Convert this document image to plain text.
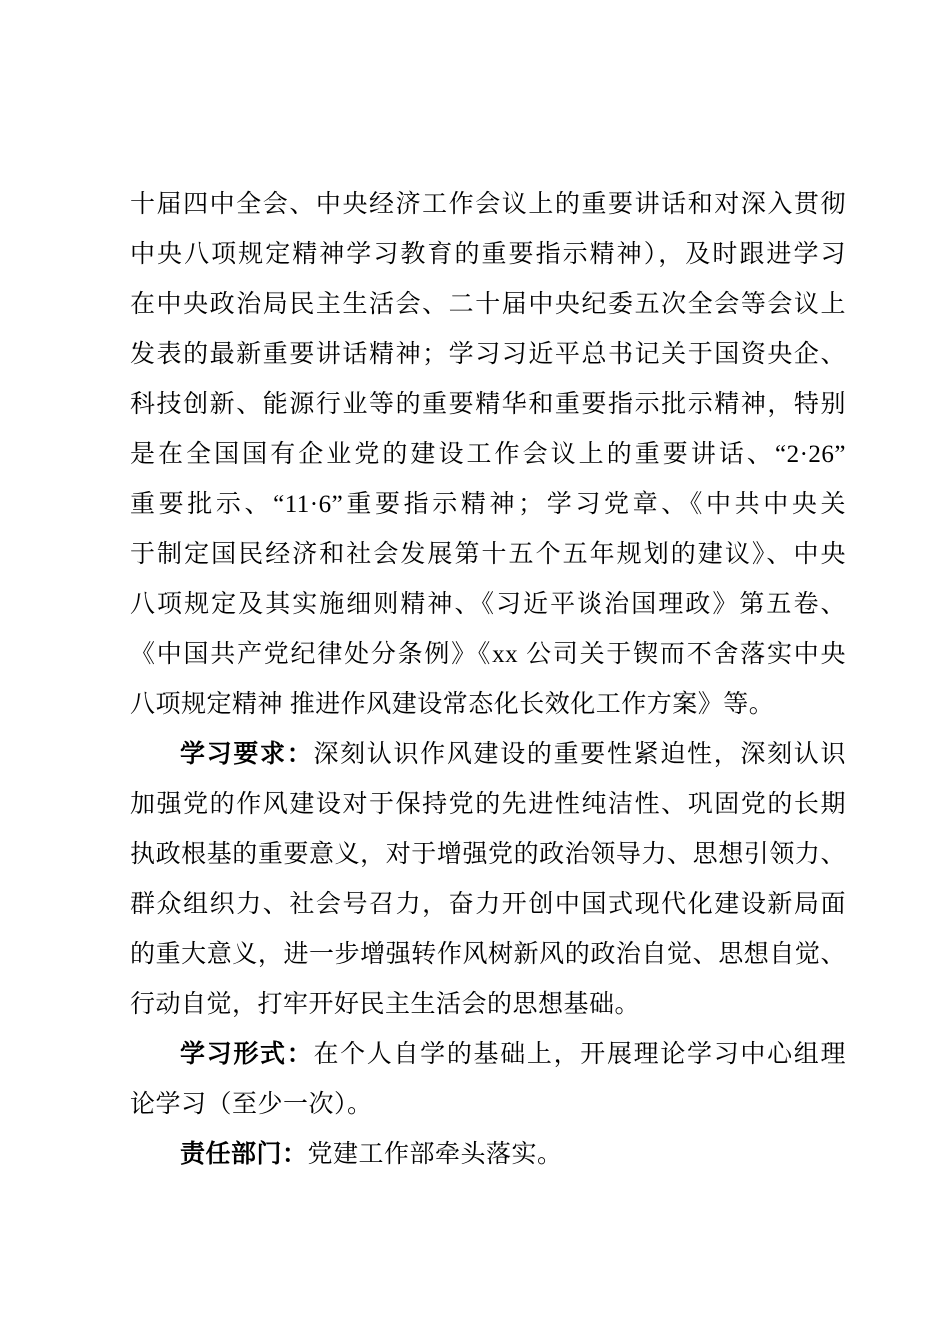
十届四中全会、中央经济工作会议上的重要讲话和对深入贯彻
中央八项规定精神学习教育的重要指示精神），及时跟进学习
在中央政治局民主生活会、二十届中央纪委五次全会等会议上
发表的最新重要讲话精神；学习习近平总书记关于国资央企、
科技创新、能源行业等的重要精华和重要指示批示精神，特别
是在全国国有企业党的建设工作会议上的重要讲话、“2·26”
重要批示、“11·6”重要指示精神；学习党章、《中共中央关
于制定国民经济和社会发展第十五个五年规划的建议》、中央
八项规定及其实施细则精神、《习近平谈治国理政》第五卷、
《中国共产党纪律处分条例》《xx 公司关于锲而不舍落实中央
八项规定精神 推进作风建设常态化长效化工作方案》等。
学习要求：深刻认识作风建设的重要性紧迫性，深刻认识
加强党的作风建设对于保持党的先进性纯洁性、巩固党的长期
执政根基的重要意义，对于增强党的政治领导力、思想引领力、
群众组织力、社会号召力，奋力开创中国式现代化建设新局面
的重大意义，进一步增强转作风树新风的政治自觉、思想自觉、
行动自觉，打牢开好民主生活会的思想基础。
学习形式：在个人自学的基础上，开展理论学习中心组理
论学习（至少一次）。
责任部门：党建工作部牵头落实。
